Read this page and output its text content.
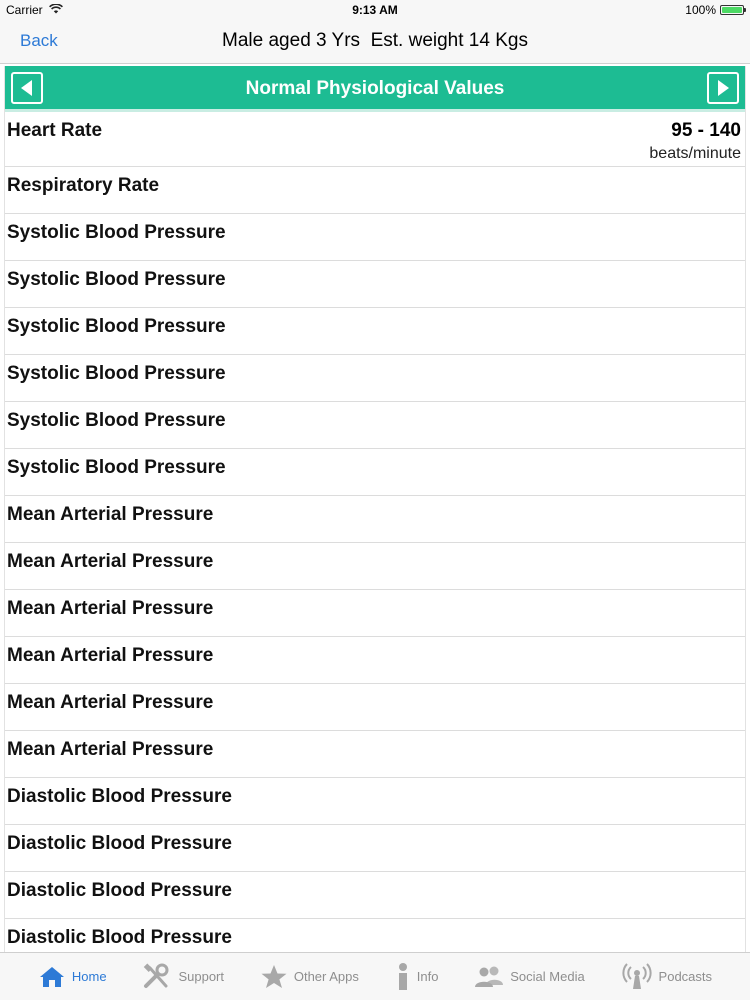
Carrier	9:13 AM	100%
Back	Male aged 3 Yrs  Est. weight 14 Kgs
Normal Physiological Values
Heart Rate	95 - 140
beats/minute
Respiratory Rate
Systolic Blood Pressure
Systolic Blood Pressure
Systolic Blood Pressure
Systolic Blood Pressure
Systolic Blood Pressure
Systolic Blood Pressure
Mean Arterial Pressure
Mean Arterial Pressure
Mean Arterial Pressure
Mean Arterial Pressure
Mean Arterial Pressure
Mean Arterial Pressure
Diastolic Blood Pressure
Diastolic Blood Pressure
Diastolic Blood Pressure
Diastolic Blood Pressure
Home	Support	Other Apps	Info	Social Media	Podcasts
